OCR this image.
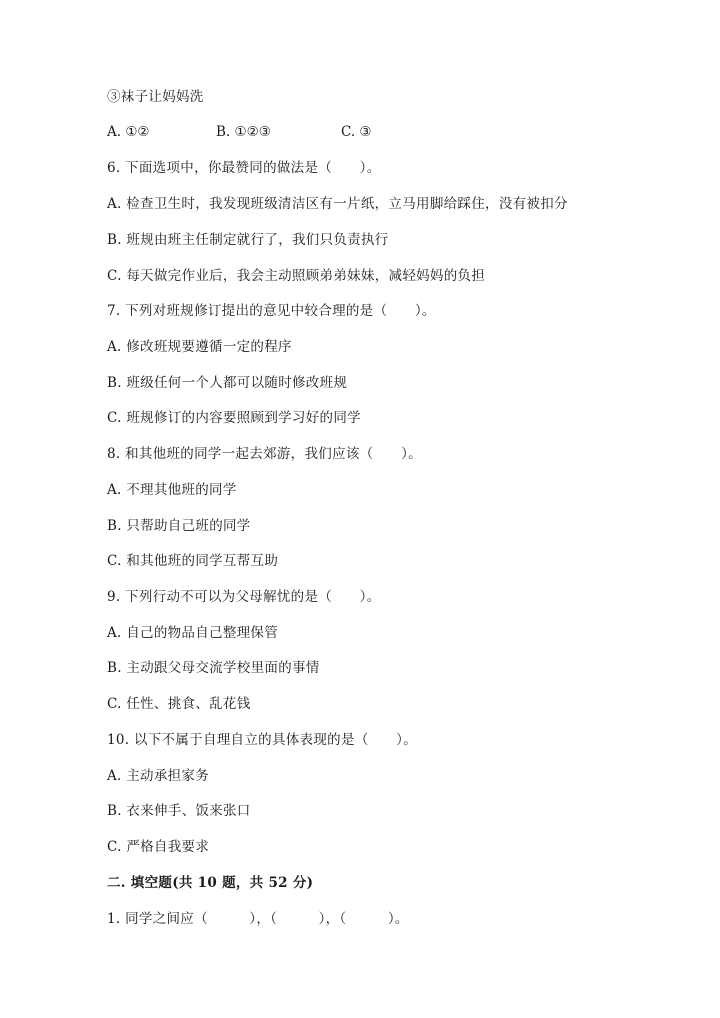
③袜子让妈妈洗
A. ①②	B. ①②③	C. ③
6. 下面选项中，你最赞同的做法是（　　）。
A. 检查卫生时，我发现班级清洁区有一片纸，立马用脚给踩住，没有被扣分
B. 班规由班主任制定就行了，我们只负责执行
C. 每天做完作业后，我会主动照顾弟弟妹妹，减轻妈妈的负担
7. 下列对班规修订提出的意见中较合理的是（　　）。
A. 修改班规要遵循一定的程序
B. 班级任何一个人都可以随时修改班规
C. 班规修订的内容要照顾到学习好的同学
8. 和其他班的同学一起去郊游，我们应该（　　）。
A. 不理其他班的同学
B. 只帮助自己班的同学
C. 和其他班的同学互帮互助
9. 下列行动不可以为父母解忧的是（　　）。
A. 自己的物品自己整理保管
B. 主动跟父母交流学校里面的事情
C. 任性、挑食、乱花钱
10. 以下不属于自理自立的具体表现的是（　　）。
A. 主动承担家务
B. 衣来伸手、饭来张口
C. 严格自我要求
二. 填空题(共 10 题，共 52 分)
1. 同学之间应（　　　），（　　　），（　　　）。
